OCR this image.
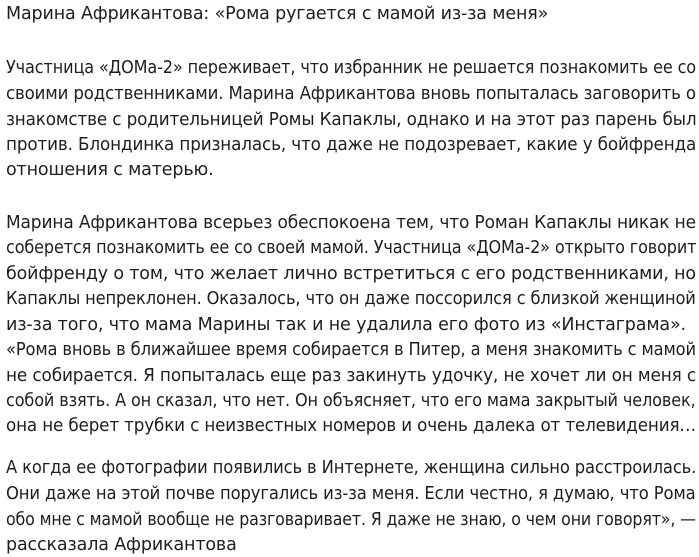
Марина Африкантова: «Рома ругается с мамой из-за меня»
Участница «ДОМа-2» переживает, что избранник не решается познакомить ее со
своими родственниками. Марина Африкантова вновь попыталась заговорить о
знакомстве с родительницей Ромы Капаклы, однако и на этот раз парень был
против. Блондинка призналась, что даже не подозревает, какие у бойфренда
отношения с матерью.
Марина Африкантова всерьез обеспокоена тем, что Роман Капаклы никак не
соберется познакомить ее со своей мамой. Участница «ДОМа-2» открыто говорит
бойфренду о том, что желает лично встретиться с его родственниками, но
Капаклы непреклонен. Оказалось, что он даже поссорился с близкой женщиной
из-за того, что мама Марины так и не удалила его фото из «Инстаграма».
«Рома вновь в ближайшее время собирается в Питер, а меня знакомить с мамой
не собирается. Я попыталась еще раз закинуть удочку, не хочет ли он меня с
собой взять. А он сказал, что нет. Он объясняет, что его мама закрытый человек,
она не берет трубки с неизвестных номеров и очень далека от телевидения…
А когда ее фотографии появились в Интернете, женщина сильно расстроилась.
Они даже на этой почве поругались из-за меня. Если честно, я думаю, что Рома
обо мне с мамой вообще не разговаривает. Я даже не знаю, о чем они говорят», —
рассказала Африкантова
